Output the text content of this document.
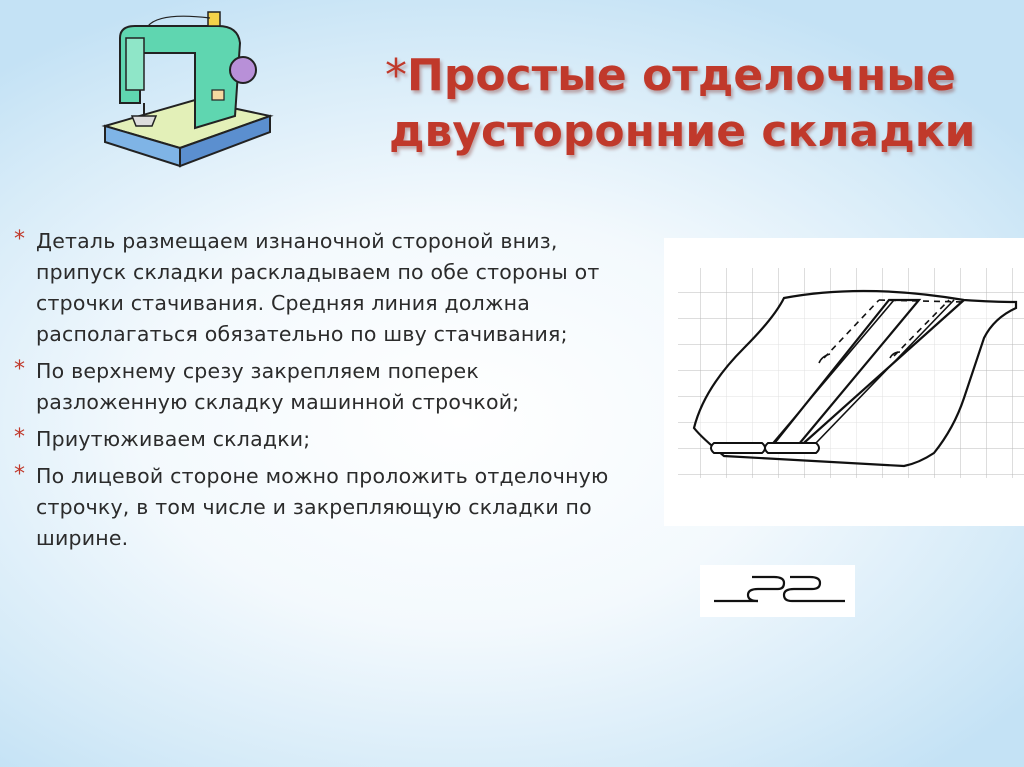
*Простые отделочные
двусторонние складки
* Деталь размещаем изнаночной стороной вниз, припуск складки раскладываем по обе стороны от строчки стачивания. Средняя линия должна располагаться обязательно по шву стачивания;
* По верхнему срезу закрепляем поперек разложенную складку машинной строчкой;
* Приутюживаем складки;
* По лицевой стороне можно проложить отделочную строчку, в том числе и закрепляющую складки по ширине.
